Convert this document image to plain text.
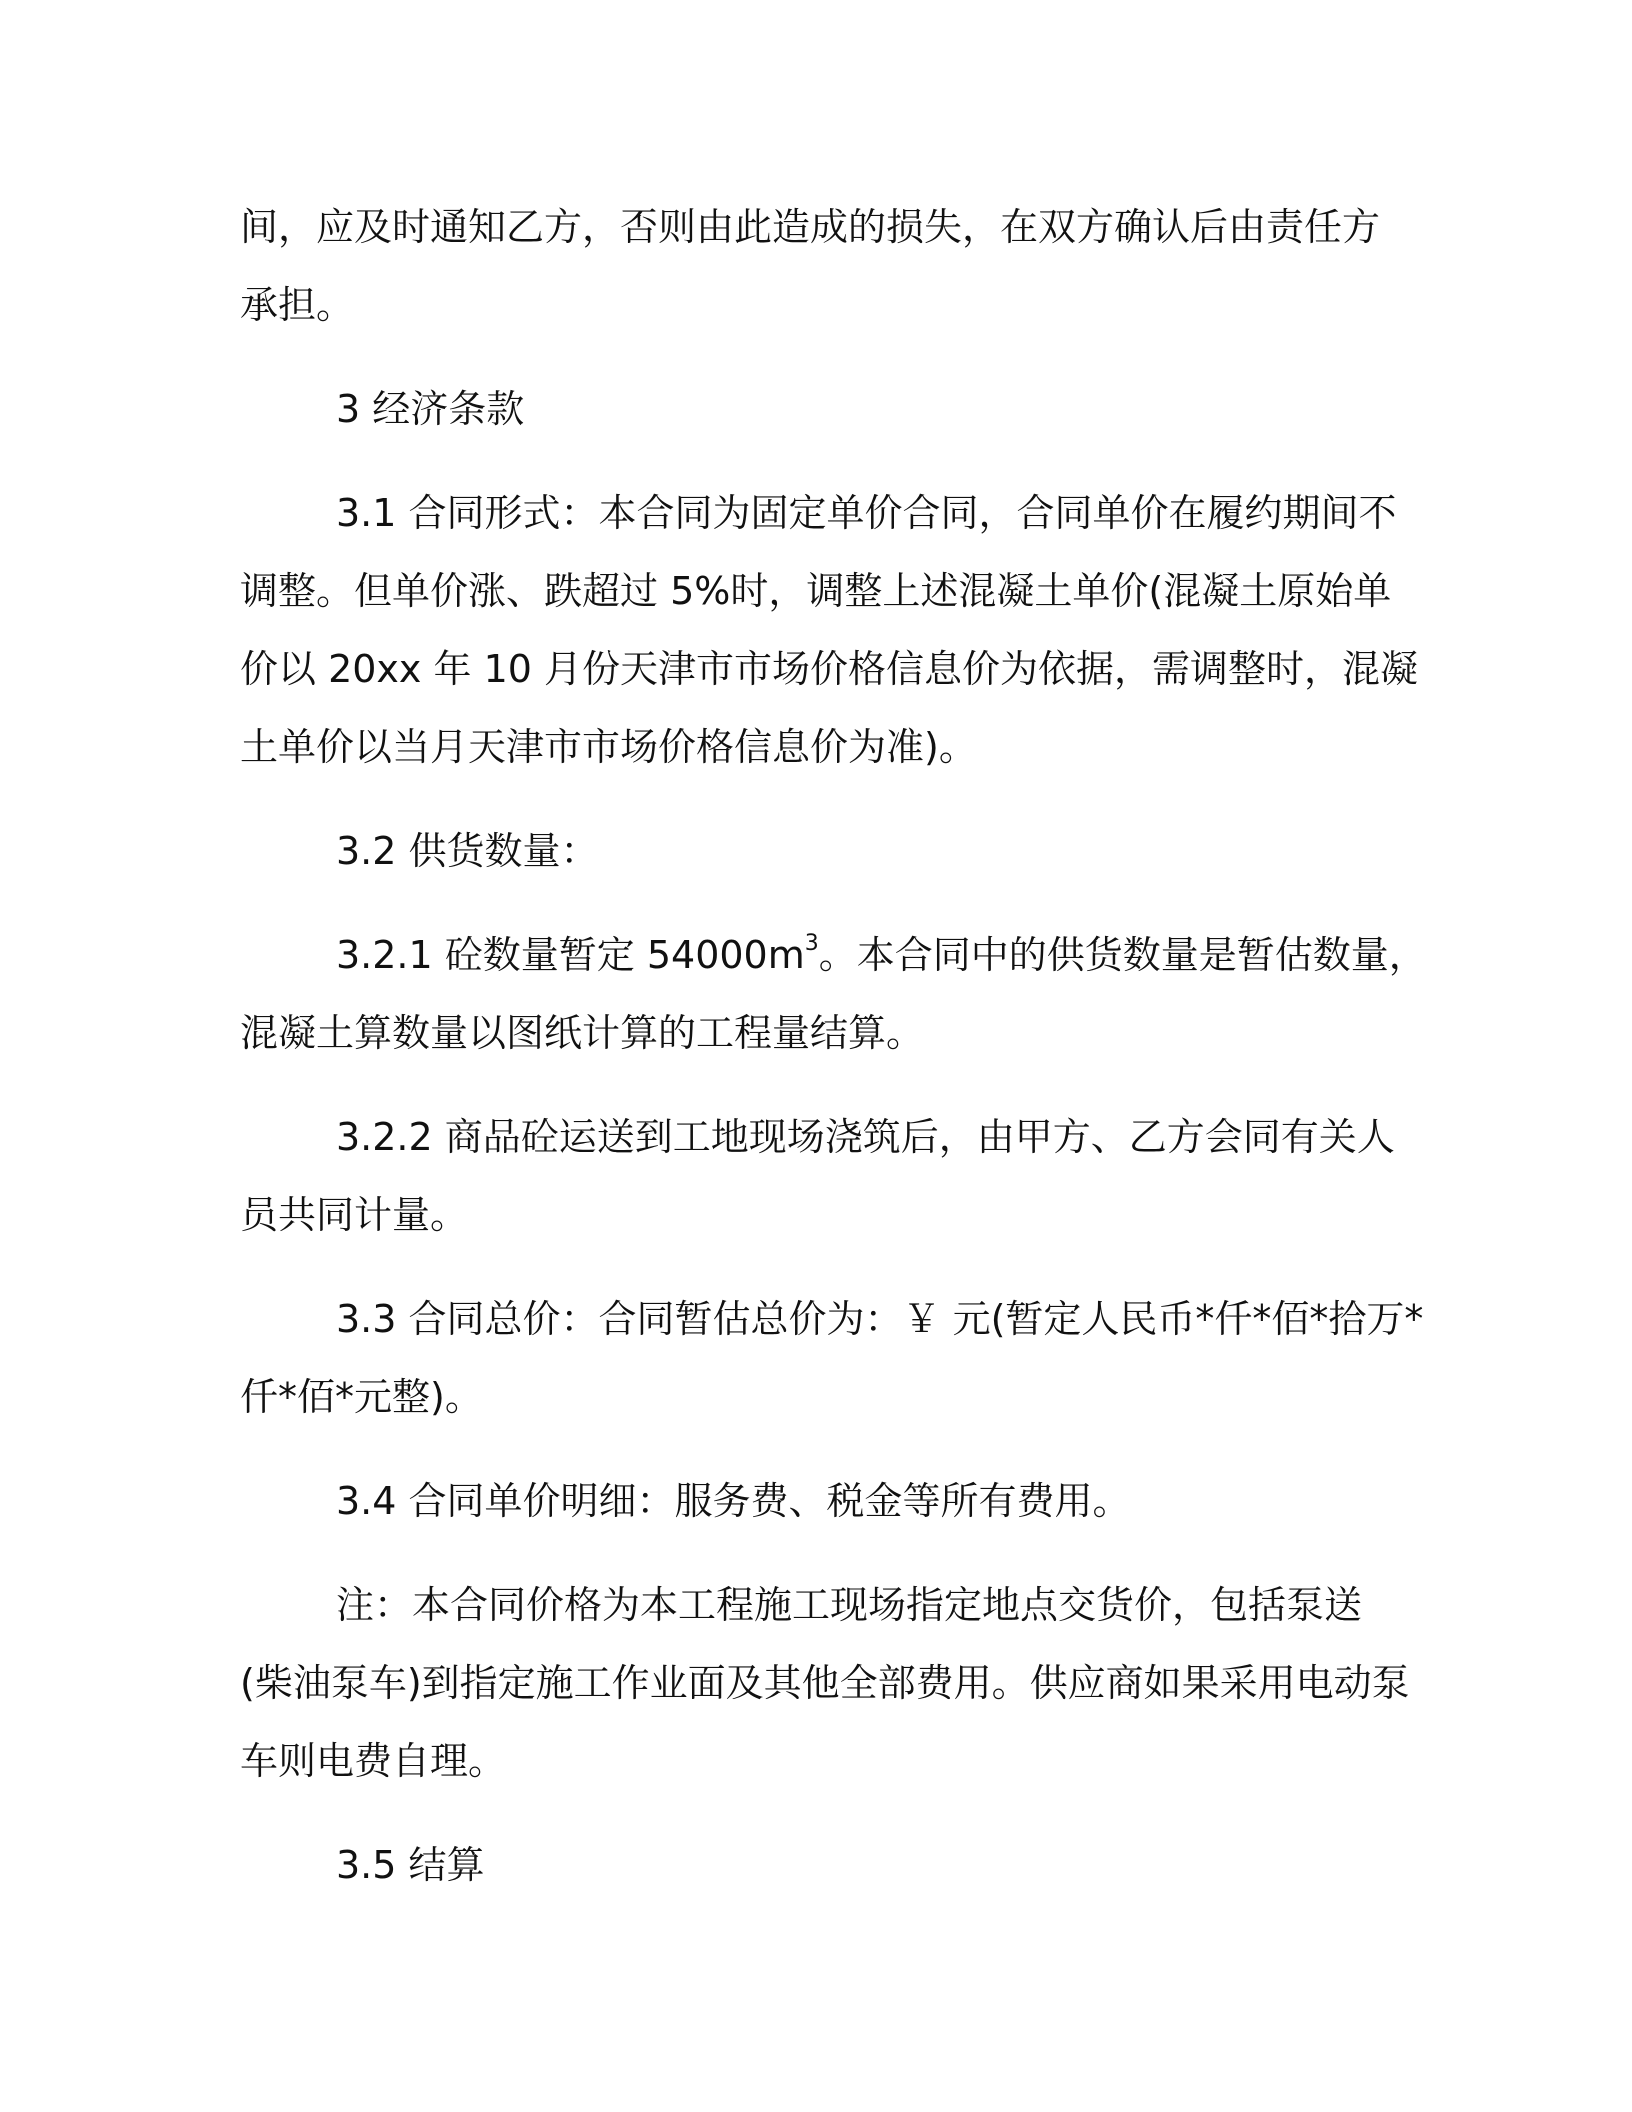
间，应及时通知乙方，否则由此造成的损失，在双方确认后由责任方
承担。

3 经济条款

3.1 合同形式：本合同为固定单价合同，合同单价在履约期间不
调整。但单价涨、跌超过 5%时，调整上述混凝土单价(混凝土原始单
价以 20xx 年 10 月份天津市市场价格信息价为依据，需调整时，混凝
土单价以当月天津市市场价格信息价为准)。

3.2 供货数量：

3.2.1 砼数量暂定 $54000m^3$。本合同中的供货数量是暂估数量，
混凝土算数量以图纸计算的工程量结算。

3.2.2 商品砼运送到工地现场浇筑后，由甲方、乙方会同有关人
员共同计量。

3.3 合同总价：合同暂估总价为：￥ 元(暂定人民币*仟*佰*拾万*
仟*佰*元整)。

3.4 合同单价明细：服务费、税金等所有费用。

注：本合同价格为本工程施工现场指定地点交货价，包括泵送
(柴油泵车)到指定施工作业面及其他全部费用。供应商如果采用电动泵
车则电费自理。

3.5 结算
